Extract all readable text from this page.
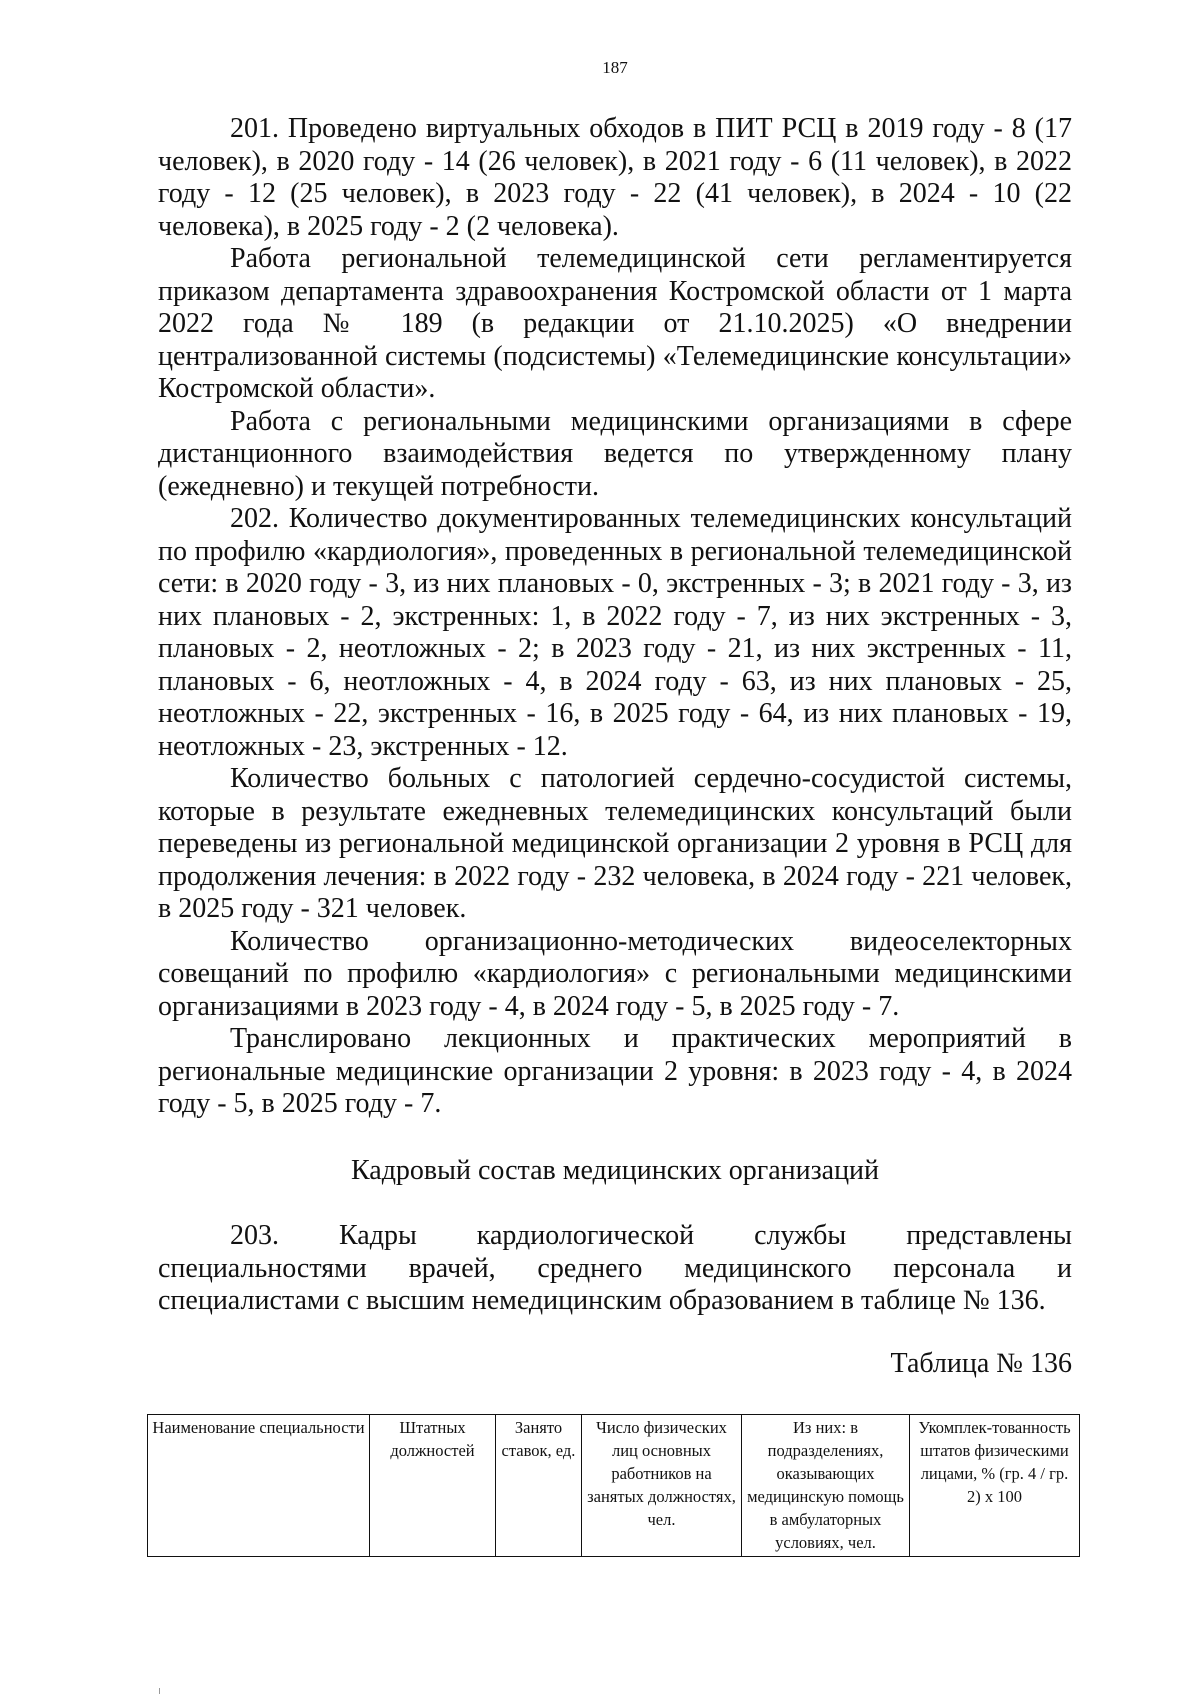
187

201. Проведено виртуальных обходов в ПИТ РСЦ в 2019 году - 8 (17 человек), в 2020 году - 14 (26 человек), в 2021 году - 6 (11 человек), в 2022 году - 12 (25 человек), в 2023 году - 22 (41 человек), в 2024 - 10 (22 человека), в 2025 году - 2 (2 человека).

Работа региональной телемедицинской сети регламентируется приказом департамента здравоохранения Костромской области от 1 марта 2022 года № 189 (в редакции от 21.10.2025) «О внедрении централизованной системы (подсистемы) «Телемедицинские консультации» Костромской области».

Работа с региональными медицинскими организациями в сфере дистанционного взаимодействия ведется по утвержденному плану (ежедневно) и текущей потребности.

202. Количество документированных телемедицинских консультаций по профилю «кардиология», проведенных в региональной телемедицинской сети: в 2020 году - 3, из них плановых - 0, экстренных - 3; в 2021 году - 3, из них плановых - 2, экстренных: 1, в 2022 году - 7, из них экстренных - 3, плановых - 2, неотложных - 2; в 2023 году - 21, из них экстренных - 11, плановых - 6, неотложных - 4, в 2024 году - 63, из них плановых - 25, неотложных - 22, экстренных - 16, в 2025 году - 64, из них плановых - 19, неотложных - 23, экстренных - 12.

Количество больных с патологией сердечно-сосудистой системы, которые в результате ежедневных телемедицинских консультаций были переведены из региональной медицинской организации 2 уровня в РСЦ для продолжения лечения: в 2022 году - 232 человека, в 2024 году - 221 человек, в 2025 году - 321 человек.

Количество организационно-методических видеоселекторных совещаний по профилю «кардиология» с региональными медицинскими организациями в 2023 году - 4, в 2024 году - 5, в 2025 году - 7.

Транслировано лекционных и практических мероприятий в региональные медицинские организации 2 уровня: в 2023 году - 4, в 2024 году - 5, в 2025 году - 7.

Кадровый состав медицинских организаций
203. Кадры кардиологической службы представлены специальностями врачей, среднего медицинского персонала и специалистами с высшим немедицинским образованием в таблице № 136.
Таблица № 136
Наименование специальности	Штатных должностей	Занято ставок, ед.	Число физических лиц основных работников на занятых должностях, чел.	Из них: в подразделениях, оказывающих медицинскую помощь в амбулаторных условиях, чел.	Укомплек-тованность штатов физическими лицами, % (гр. 4 / гр. 2) х 100
